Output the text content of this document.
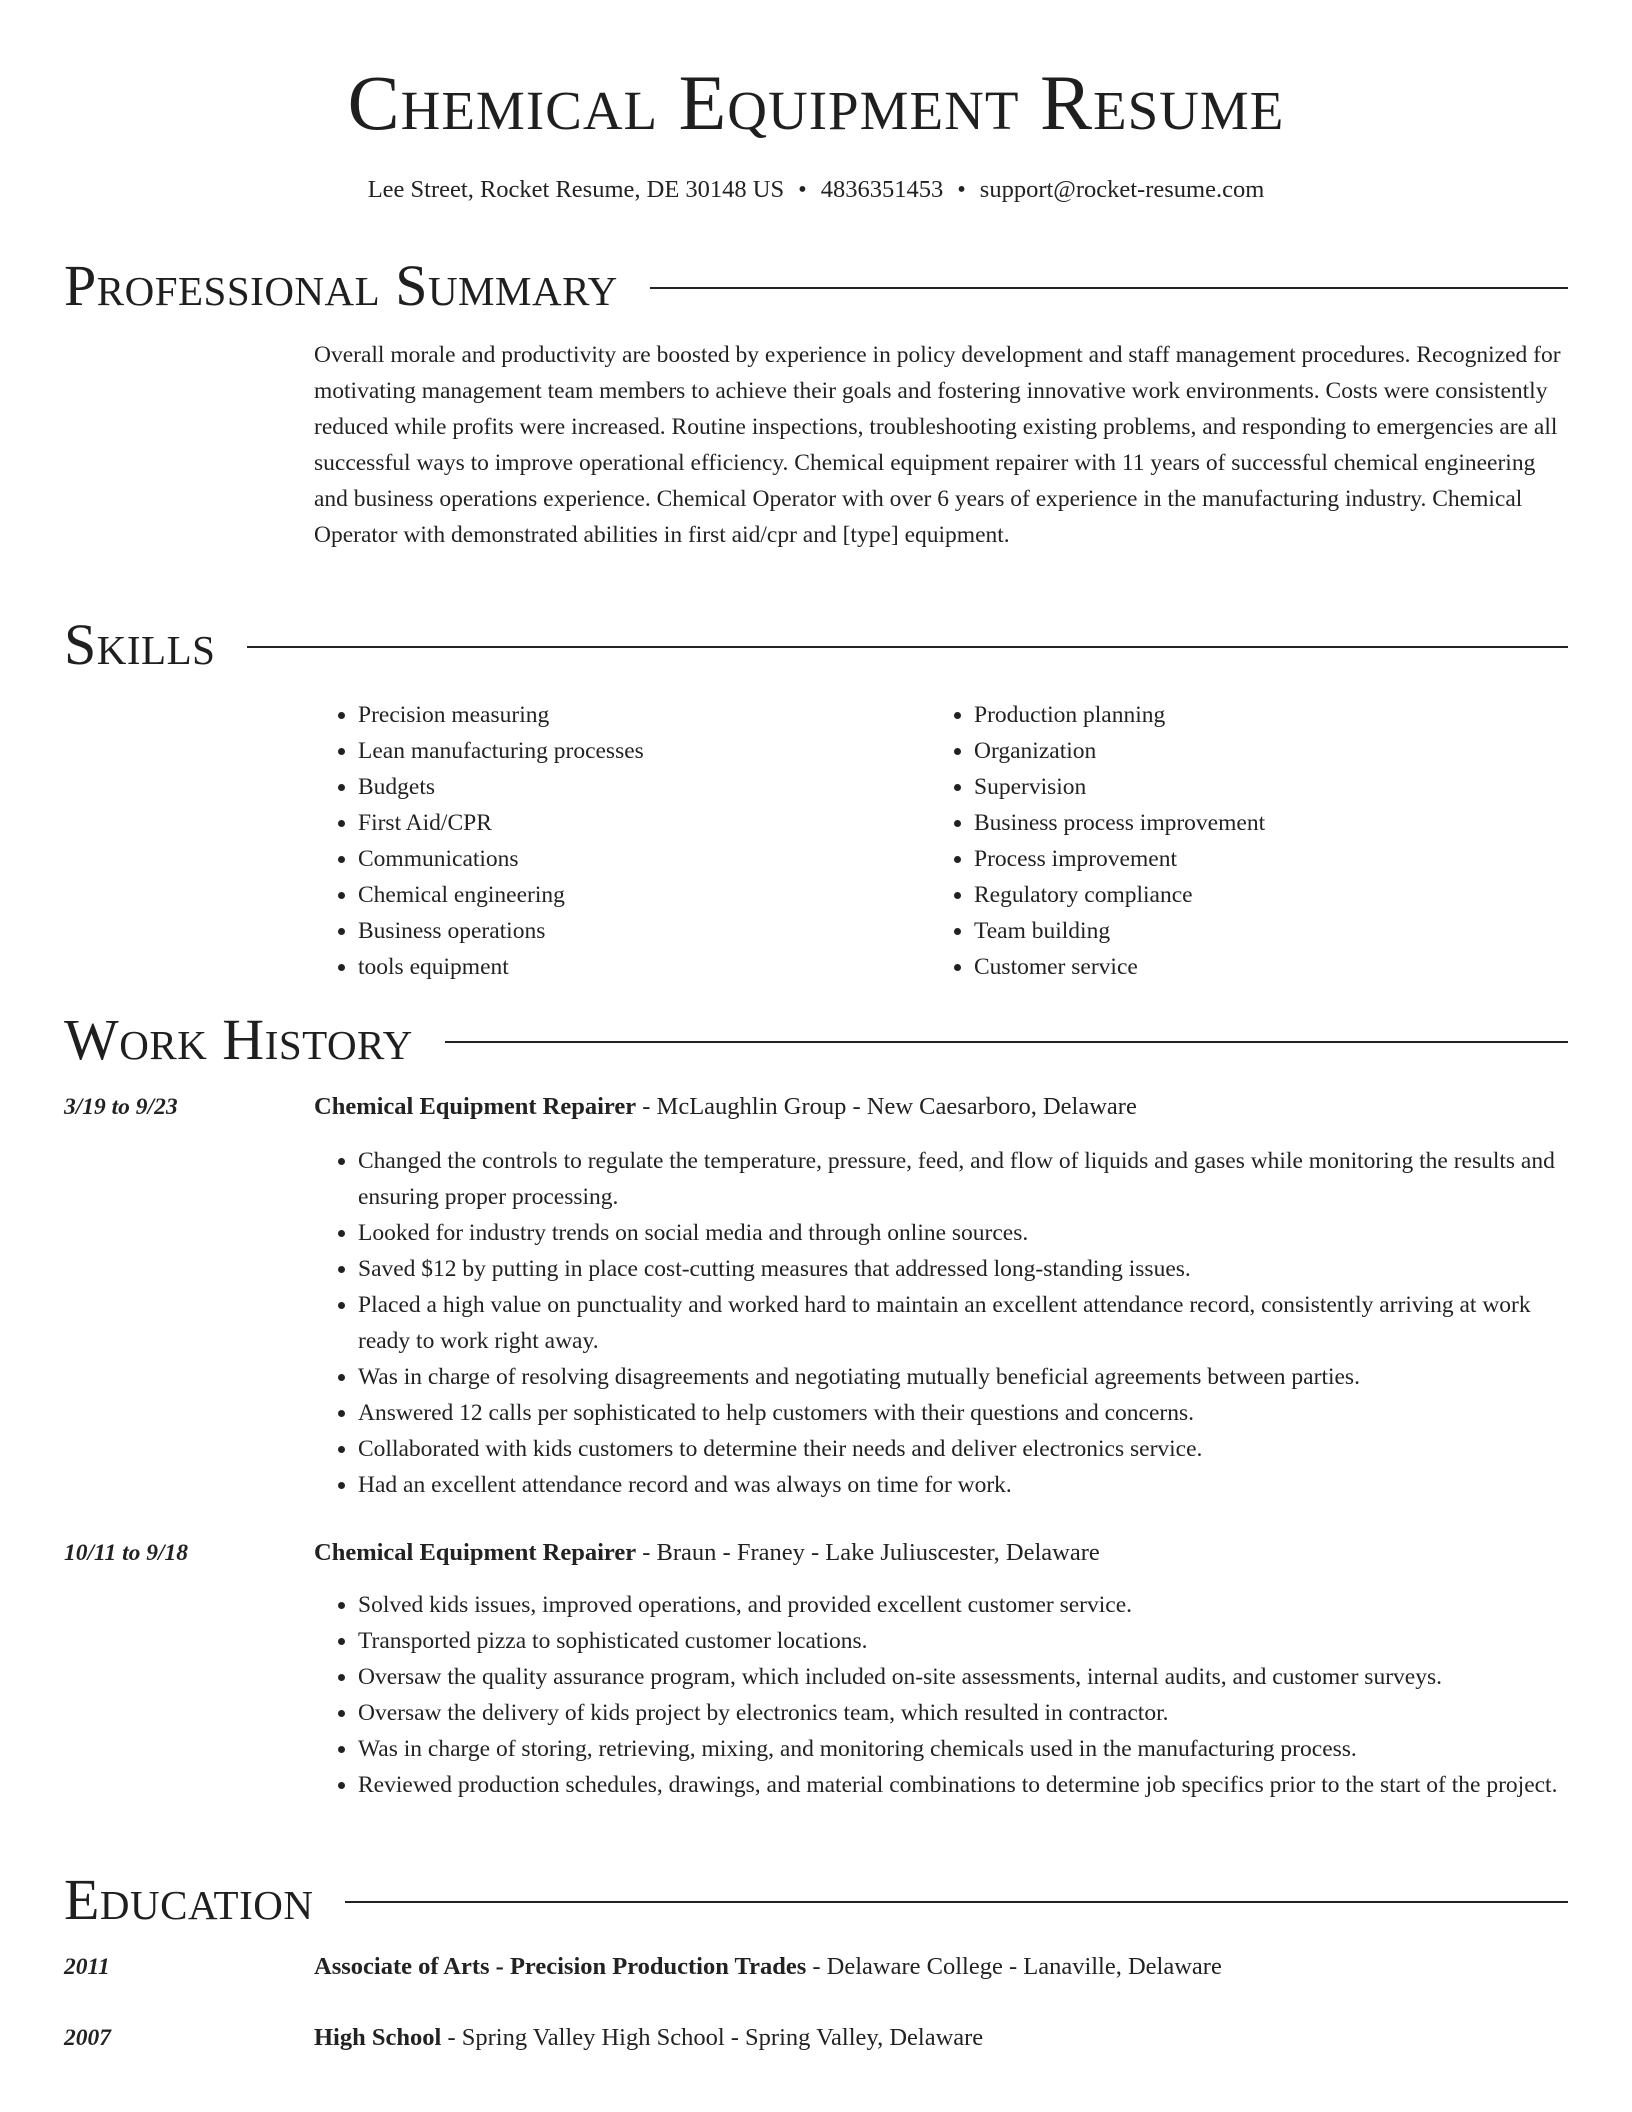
Chemical Equipment Resume
Lee Street, Rocket Resume, DE 30148 US • 4836351453 • support@rocket-resume.com
Professional Summary

Overall morale and productivity are boosted by experience in policy development and staff management procedures. Recognized for motivating management team members to achieve their goals and fostering innovative work environments. Costs were consistently reduced while profits were increased. Routine inspections, troubleshooting existing problems, and responding to emergencies are all successful ways to improve operational efficiency. Chemical equipment repairer with 11 years of successful chemical engineering and business operations experience. Chemical Operator with over 6 years of experience in the manufacturing industry. Chemical Operator with demonstrated abilities in first aid/cpr and [type] equipment.

Skills
• Precision measuring
• Lean manufacturing processes
• Budgets
• First Aid/CPR
• Communications
• Chemical engineering
• Business operations
• tools equipment
• Production planning
• Organization
• Supervision
• Business process improvement
• Process improvement
• Regulatory compliance
• Team building
• Customer service
Work History
3/19 to 9/23	Chemical Equipment Repairer - McLaughlin Group - New Caesarboro, Delaware
• Changed the controls to regulate the temperature, pressure, feed, and flow of liquids and gases while monitoring the results and ensuring proper processing.
• Looked for industry trends on social media and through online sources.
• Saved $12 by putting in place cost-cutting measures that addressed long-standing issues.
• Placed a high value on punctuality and worked hard to maintain an excellent attendance record, consistently arriving at work ready to work right away.
• Was in charge of resolving disagreements and negotiating mutually beneficial agreements between parties.
• Answered 12 calls per sophisticated to help customers with their questions and concerns.
• Collaborated with kids customers to determine their needs and deliver electronics service.
• Had an excellent attendance record and was always on time for work.
10/11 to 9/18	Chemical Equipment Repairer - Braun - Franey - Lake Juliuscester, Delaware
• Solved kids issues, improved operations, and provided excellent customer service.
• Transported pizza to sophisticated customer locations.
• Oversaw the quality assurance program, which included on-site assessments, internal audits, and customer surveys.
• Oversaw the delivery of kids project by electronics team, which resulted in contractor.
• Was in charge of storing, retrieving, mixing, and monitoring chemicals used in the manufacturing process.
• Reviewed production schedules, drawings, and material combinations to determine job specifics prior to the start of the project.
Education
2011	Associate of Arts - Precision Production Trades - Delaware College - Lanaville, Delaware
2007	High School - Spring Valley High School - Spring Valley, Delaware
